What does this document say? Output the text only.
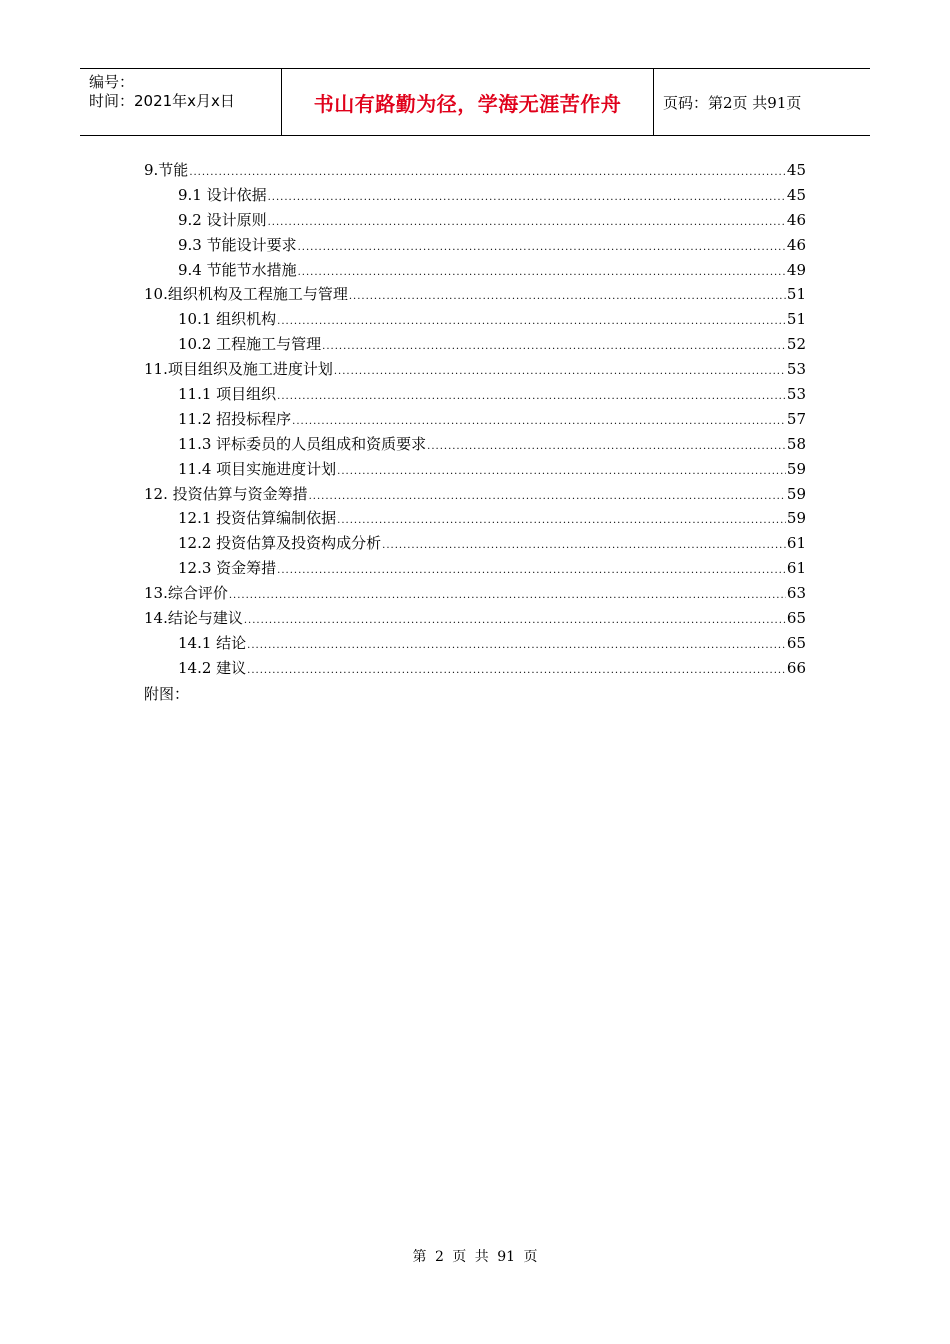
编号：
时间：2021年x月x日	书山有路勤为径，学海无涯苦作舟	页码：第2页 共91页
9.节能 .....	45
9.1 设计依据 .....	45
9.2 设计原则 .....	46
9.3 节能设计要求 .....	46
9.4 节能节水措施 .....	49
10.组织机构及工程施工与管理 .....	51
10.1 组织机构 .....	51
10.2 工程施工与管理 .....	52
11.项目组织及施工进度计划 .....	53
11.1 项目组织 .....	53
11.2 招投标程序 .....	57
11.3 评标委员的人员组成和资质要求 .....	58
11.4 项目实施进度计划 .....	59
12. 投资估算与资金筹措 .....	59
12.1 投资估算编制依据 .....	59
12.2 投资估算及投资构成分析 .....	61
12.3 资金筹措 .....	61
13.综合评价 .....	63
14.结论与建议 .....	65
14.1 结论 .....	65
14.2 建议 .....	66
附图：
第 2 页 共 91 页
